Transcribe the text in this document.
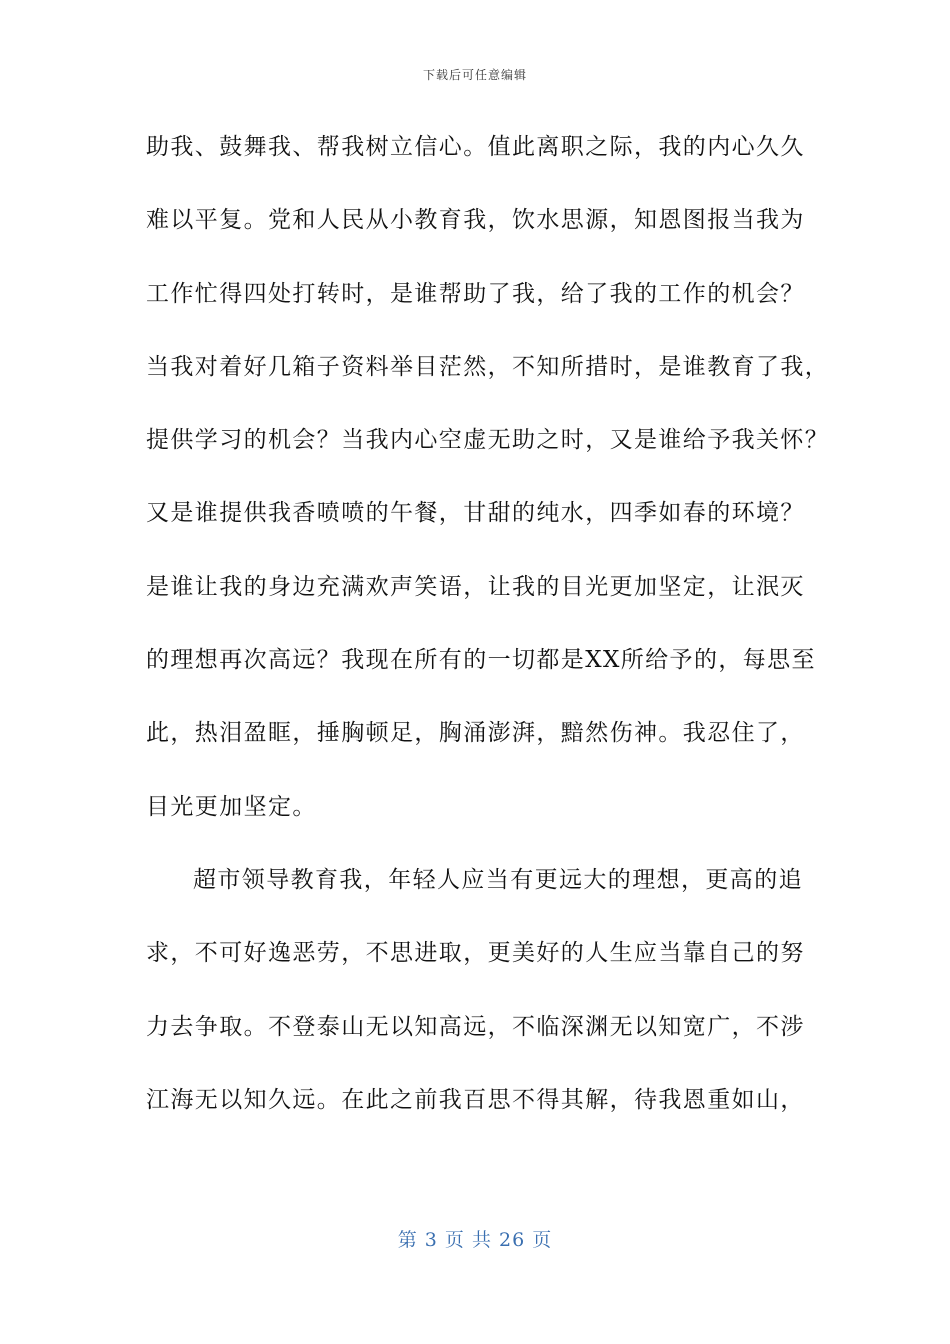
下载后可任意编辑
助我、鼓舞我、帮我树立信心。值此离职之际，我的内心久久
难以平复。党和人民从小教育我，饮水思源，知恩图报当我为
工作忙得四处打转时，是谁帮助了我，给了我的工作的机会？
当我对着好几箱子资料举目茫然，不知所措时，是谁教育了我，
提供学习的机会？当我内心空虚无助之时，又是谁给予我关怀？
又是谁提供我香喷喷的午餐，甘甜的纯水，四季如春的环境？
是谁让我的身边充满欢声笑语，让我的目光更加坚定，让泯灭
的理想再次高远？我现在所有的一切都是XX所给予的，每思至
此，热泪盈眶，捶胸顿足，胸涌澎湃，黯然伤神。我忍住了，
目光更加坚定。
超市领导教育我，年轻人应当有更远大的理想，更高的追
求，不可好逸恶劳，不思进取，更美好的人生应当靠自己的努
力去争取。不登泰山无以知高远，不临深渊无以知宽广，不涉
江海无以知久远。在此之前我百思不得其解，待我恩重如山，
第 3 页 共 26 页
